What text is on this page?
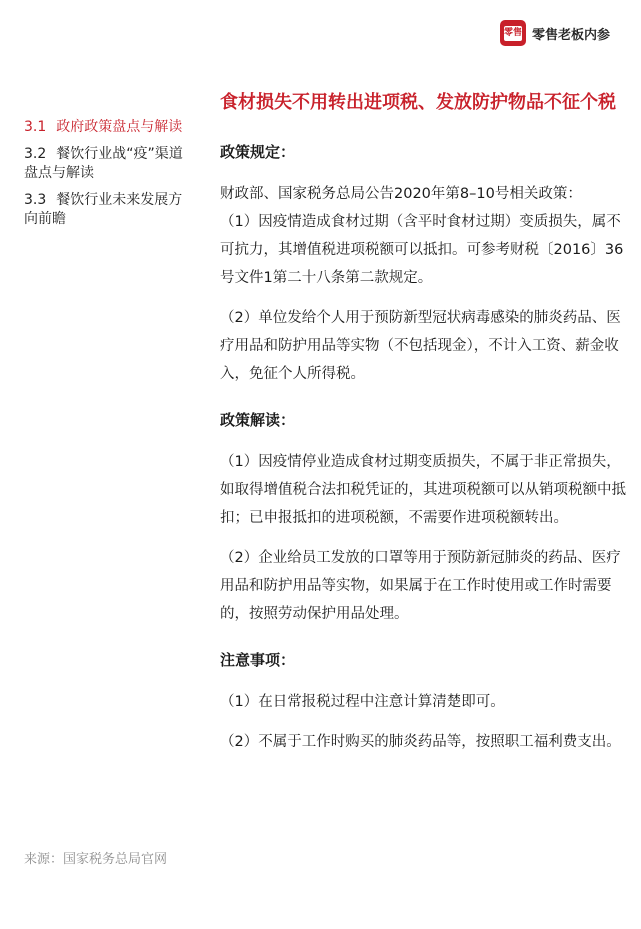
零售 零售老板内参
3.1 政府政策盘点与解读
3.2 餐饮行业战“疫”渠道盘点与解读
3.3 餐饮行业未来发展方向前瞻
食材损失不用转出进项税、发放防护物品不征个税
政策规定：

财政部、国家税务总局公告2020年第8–10号相关政策：

（1）因疫情造成食材过期（含平时食材过期）变质损失，属不可抗力，其增值税进项税额可以抵扣。可参考财税〔2016〕36号文件1第二十八条第二款规定。

（2）单位发给个人用于预防新型冠状病毒感染的肺炎药品、医疗用品和防护用品等实物（不包括现金），不计入工资、薪金收入，免征个人所得税。

政策解读：

（1）因疫情停业造成食材过期变质损失，不属于非正常损失，如取得增值税合法扣税凭证的，其进项税额可以从销项税额中抵扣；已申报抵扣的进项税额，不需要作进项税额转出。

（2）企业给员工发放的口罩等用于预防新冠肺炎的药品、医疗用品和防护用品等实物，如果属于在工作时使用或工作时需要的，按照劳动保护用品处理。

注意事项：

（1）在日常报税过程中注意计算清楚即可。

（2）不属于工作时购买的肺炎药品等，按照职工福利费支出。

来源：国家税务总局官网
